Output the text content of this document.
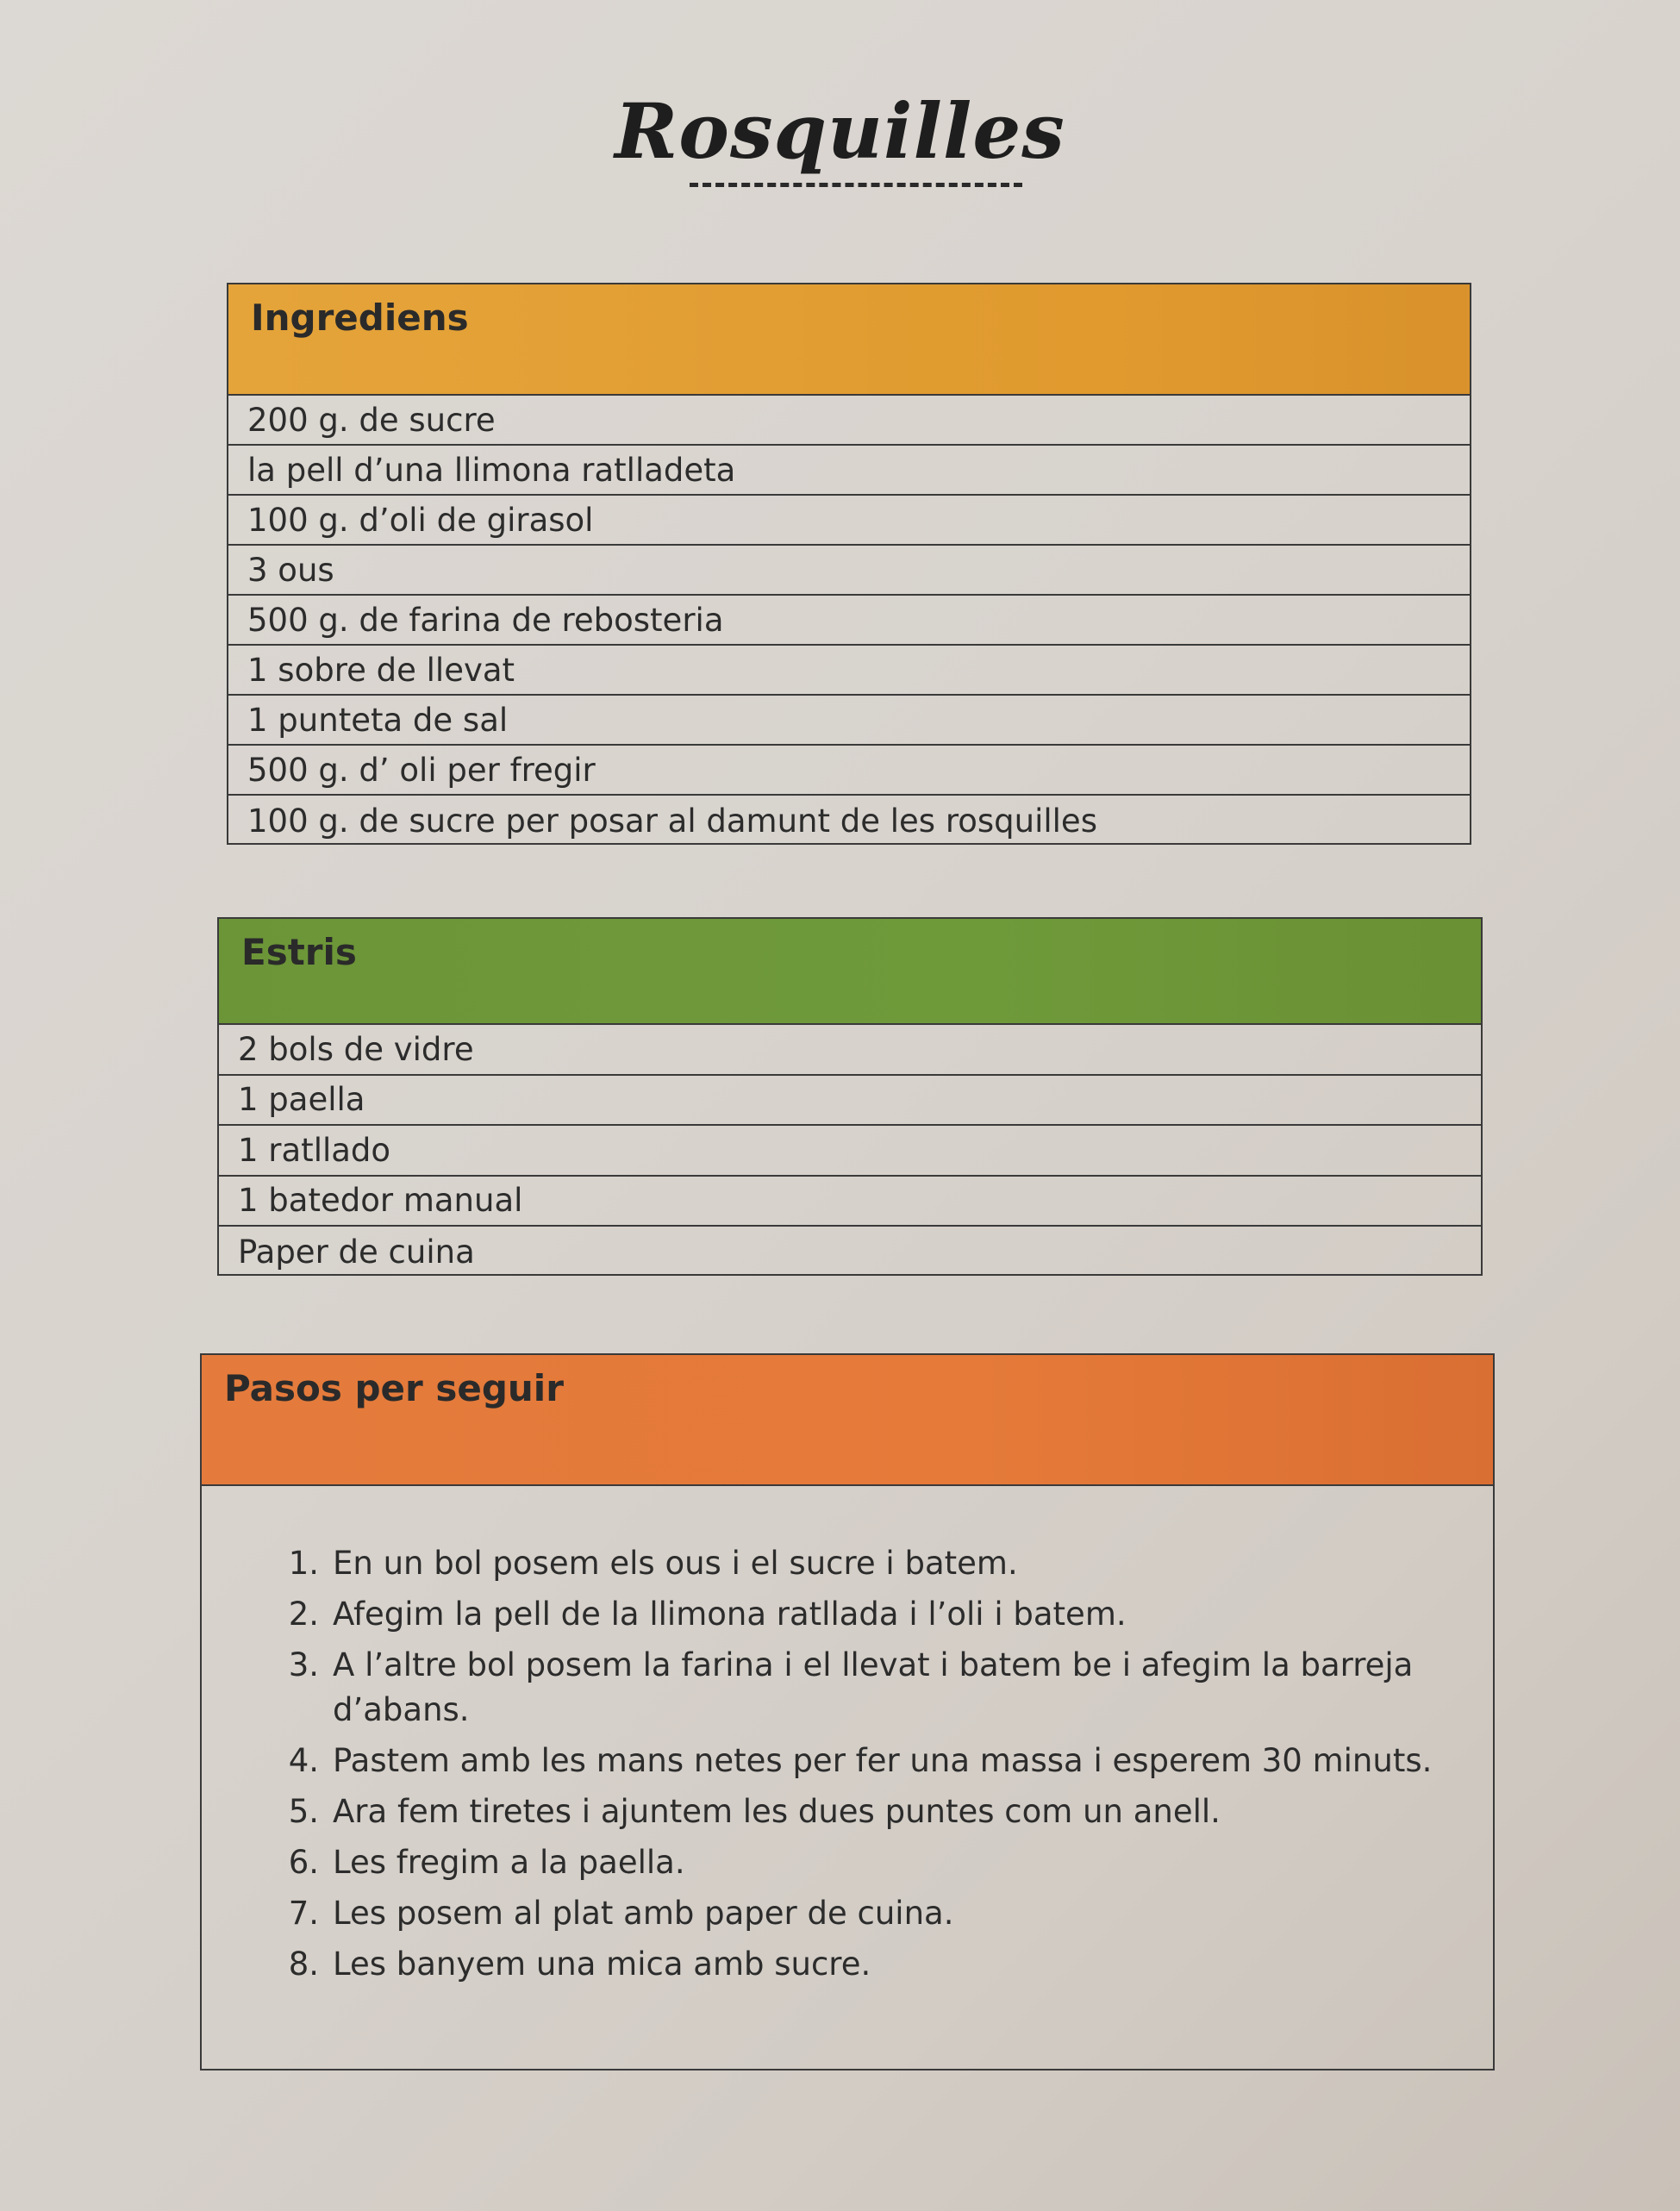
Rosquilles
Ingrediens
200 g. de sucre
la pell d’una llimona ratlladeta
100 g. d’oli de girasol
3 ous
500 g. de farina de rebosteria
1 sobre de llevat
1 punteta de sal
500 g. d’ oli per fregir
100 g. de sucre per posar al damunt de les rosquilles
Estris
2 bols de vidre
1 paella
1 ratllado
1 batedor manual
Paper de cuina
Pasos per seguir
1. En un bol posem els ous i el sucre i batem.
2. Afegim la pell de la llimona ratllada i l’oli i batem.
3. A l’altre bol posem la farina i el llevat i batem be i afegim la barreja d’abans.
4. Pastem amb les mans netes per fer una massa i esperem 30 minuts.
5. Ara fem tiretes i ajuntem les dues puntes com un anell.
6. Les fregim a la paella.
7. Les posem al plat amb paper de cuina.
8. Les banyem una mica amb sucre.
